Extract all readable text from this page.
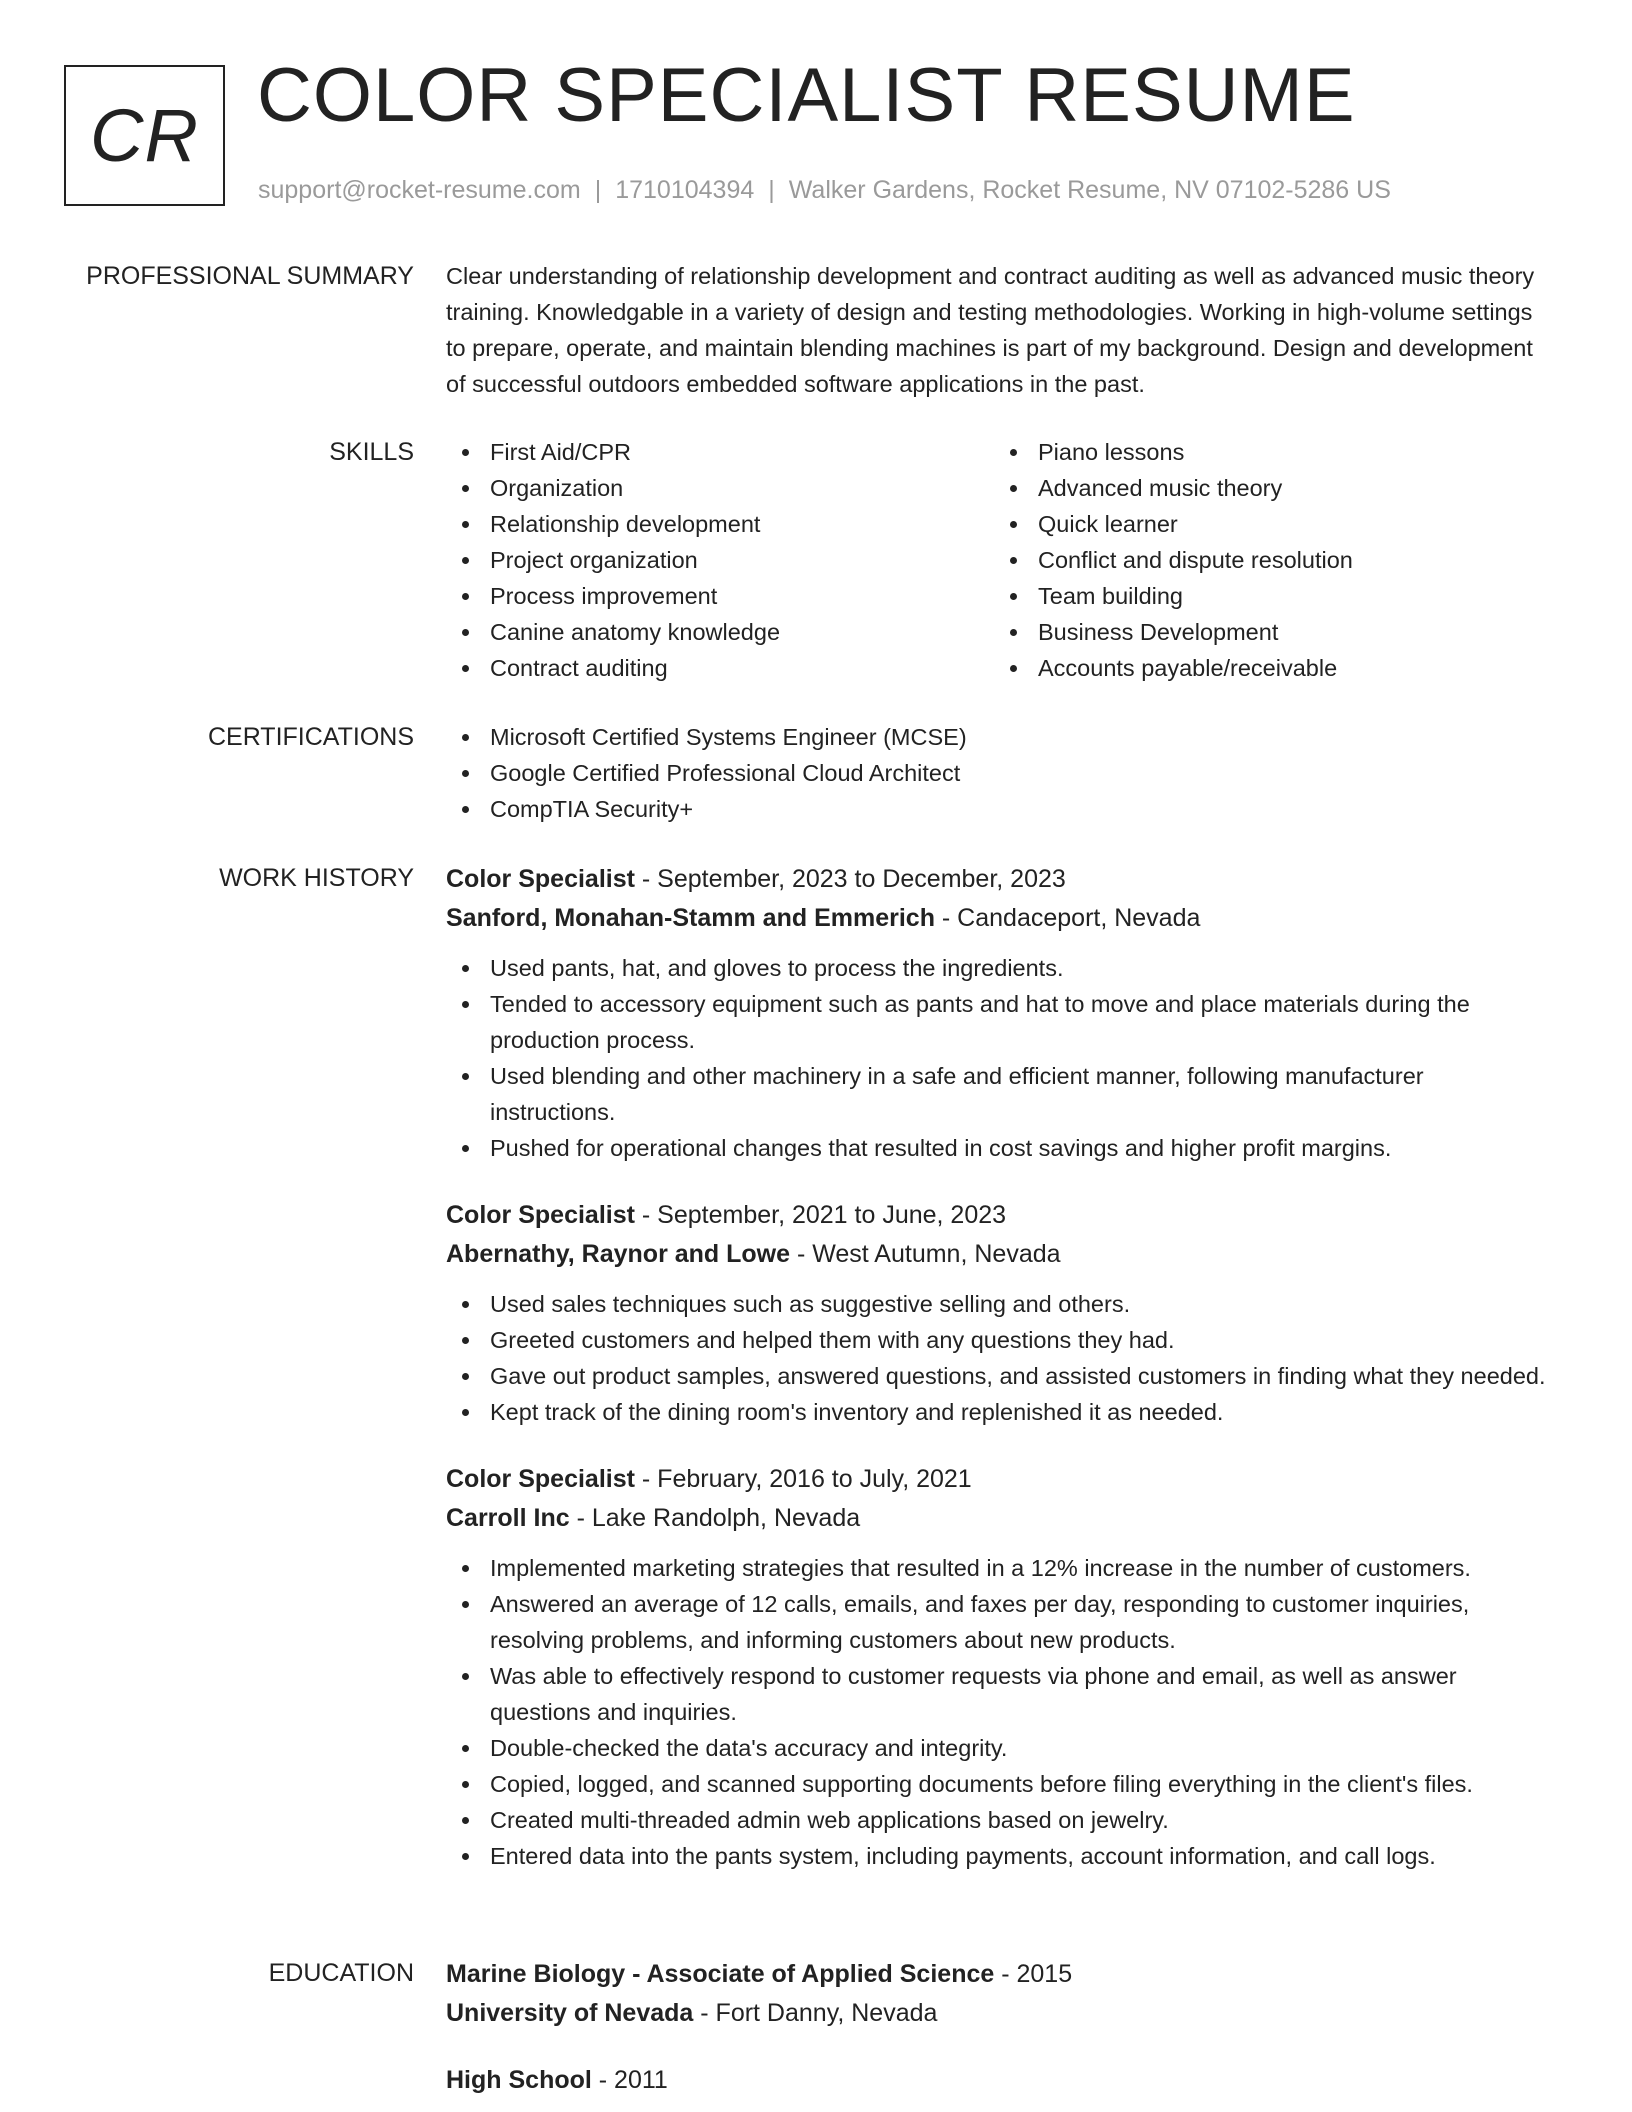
CR COLOR SPECIALIST RESUME
support@rocket-resume.com | 1710104394 | Walker Gardens, Rocket Resume, NV 07102-5286 US
PROFESSIONAL SUMMARY Clear understanding of relationship development and contract auditing as well as advanced music theory training. Knowledgable in a variety of design and testing methodologies. Working in high-volume settings to prepare, operate, and maintain blending machines is part of my background. Design and development of successful outdoors embedded software applications in the past.

SKILLS	First Aid/CPR
Organization
Relationship development
Project organization
Process improvement
Canine anatomy knowledge
Contract auditing
Piano lessons
Advanced music theory
Quick learner
Conflict and dispute resolution
Team building
Business Development
Accounts payable/receivable
CERTIFICATIONS	Microsoft Certified Systems Engineer (MCSE)
Google Certified Professional Cloud Architect
CompTIA Security+
WORK HISTORY Color Specialist - September, 2023 to December, 2023
Sanford, Monahan-Stamm and Emmerich - Candaceport, Nevada
Used pants, hat, and gloves to process the ingredients.
Tended to accessory equipment such as pants and hat to move and place materials during the production process.
Used blending and other machinery in a safe and efficient manner, following manufacturer instructions.
Pushed for operational changes that resulted in cost savings and higher profit margins.
Color Specialist - September, 2021 to June, 2023
Abernathy, Raynor and Lowe - West Autumn, Nevada
Used sales techniques such as suggestive selling and others.
Greeted customers and helped them with any questions they had.
Gave out product samples, answered questions, and assisted customers in finding what they needed.
Kept track of the dining room's inventory and replenished it as needed.
Color Specialist - February, 2016 to July, 2021
Carroll Inc - Lake Randolph, Nevada
Implemented marketing strategies that resulted in a 12% increase in the number of customers.
Answered an average of 12 calls, emails, and faxes per day, responding to customer inquiries, resolving problems, and informing customers about new products.
Was able to effectively respond to customer requests via phone and email, as well as answer questions and inquiries.
Double-checked the data's accuracy and integrity.
Copied, logged, and scanned supporting documents before filing everything in the client's files.
Created multi-threaded admin web applications based on jewelry.
Entered data into the pants system, including payments, account information, and call logs.
EDUCATION Marine Biology - Associate of Applied Science - 2015
University of Nevada - Fort Danny, Nevada
High School - 2011
